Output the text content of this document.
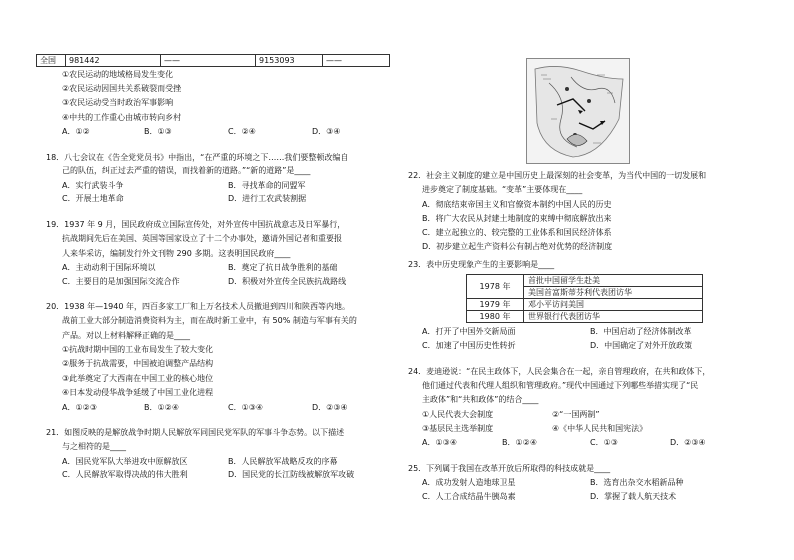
全国	981442	——	9153093	——
①农民运动的地域格局发生变化
②农民运动因国共关系破裂而受挫
③农民运动受当时政治军事影响
④中共的工作重心由城市转向乡村
A．①②	B．①③	C．②④	D．③④
18．八七会议在《告全党党员书》中指出，“在严重的环境之下……我们要整顿改编自
己的队伍，纠正过去严重的错误，而找着新的道路。”“新的道路”是____
A．实行武装斗争	B．寻找革命的同盟军
C．开展土地革命	D．进行工农武装割据
19．1937 年 9 月，国民政府成立国际宣传处，对外宣传中国抗战意志及日军暴行，
抗战期间先后在美国、英国等国家设立了十二个办事处，邀请外国记者和重要报
人来华采访，编制发行外文刊物 290 多期。这表明国民政府____
A．主动动利于国际环境以	B．奠定了抗日战争胜利的基础
C．主要目的是加强国际交流合作	D．积极对外宣传全民族抗战路线
20．1938 年—1940 年，四百多家工厂和上万名技术人员撤退到四川和陕西等内地。
战前工业大部分制造消费资料为主，而在战时新工业中，有 50% 制造与军事有关的
产品。对以上材料解释正确的是____
①抗战时期中国的工业布局发生了较大变化
②服务于抗战需要，中国被迫调整产品结构
③此举奠定了大西南在中国工业的核心地位
④日本发动侵华战争延缓了中国工业化进程
A．①②③	B．①②④	C．①③④	D．②③④
21．如图反映的是解放战争时期人民解放军同国民党军队的军事斗争态势。以下描述
与之相符的是____
A．国民党军队大举进攻中原解放区	B．人民解放军战略反攻的序幕
C．人民解放军取得决战的伟大胜利	D．国民党的长江防线被解放军攻破
22．社会主义制度的建立是中国历史上最深刻的社会变革，为当代中国的一切发展和
进步奠定了制度基础。“变革”主要体现在____
A．彻底结束帝国主义和官僚资本制约中国人民的历史
B．将广大农民从封建土地制度的束缚中彻底解放出来
C．建立起独立的、较完整的工业体系和国民经济体系
D．初步建立起生产资料公有制占绝对优势的经济制度
23．表中历史现象产生的主要影响是____
1978 年	首批中国留学生赴美
	美国首富斯蒂芬利代表团访华
1979 年	邓小平访问美国
1980 年	世界银行代表团访华
A．打开了中国外交新局面	B．中国启动了经济体制改革
C．加速了中国历史性转折	D．中国确定了对外开放政策
24．麦迪逊说：“在民主政体下，人民会集合在一起，亲自管理政府，在共和政体下，
他们通过代表和代理人组织和管理政府。”现代中国通过下列哪些举措实现了“民
主政体”和“共和政体”的结合____
①人民代表大会制度	②“一国两制”
③基层民主选举制度	④《中华人民共和国宪法》
A．①③④	B．①②④	C．①③	D．②③④
25．下列属于我国在改革开放后所取得的科技成就是____
A．成功发射人造地球卫星	B．选育出杂交水稻新品种
C．人工合成结晶牛胰岛素	D．掌握了载人航天技术
